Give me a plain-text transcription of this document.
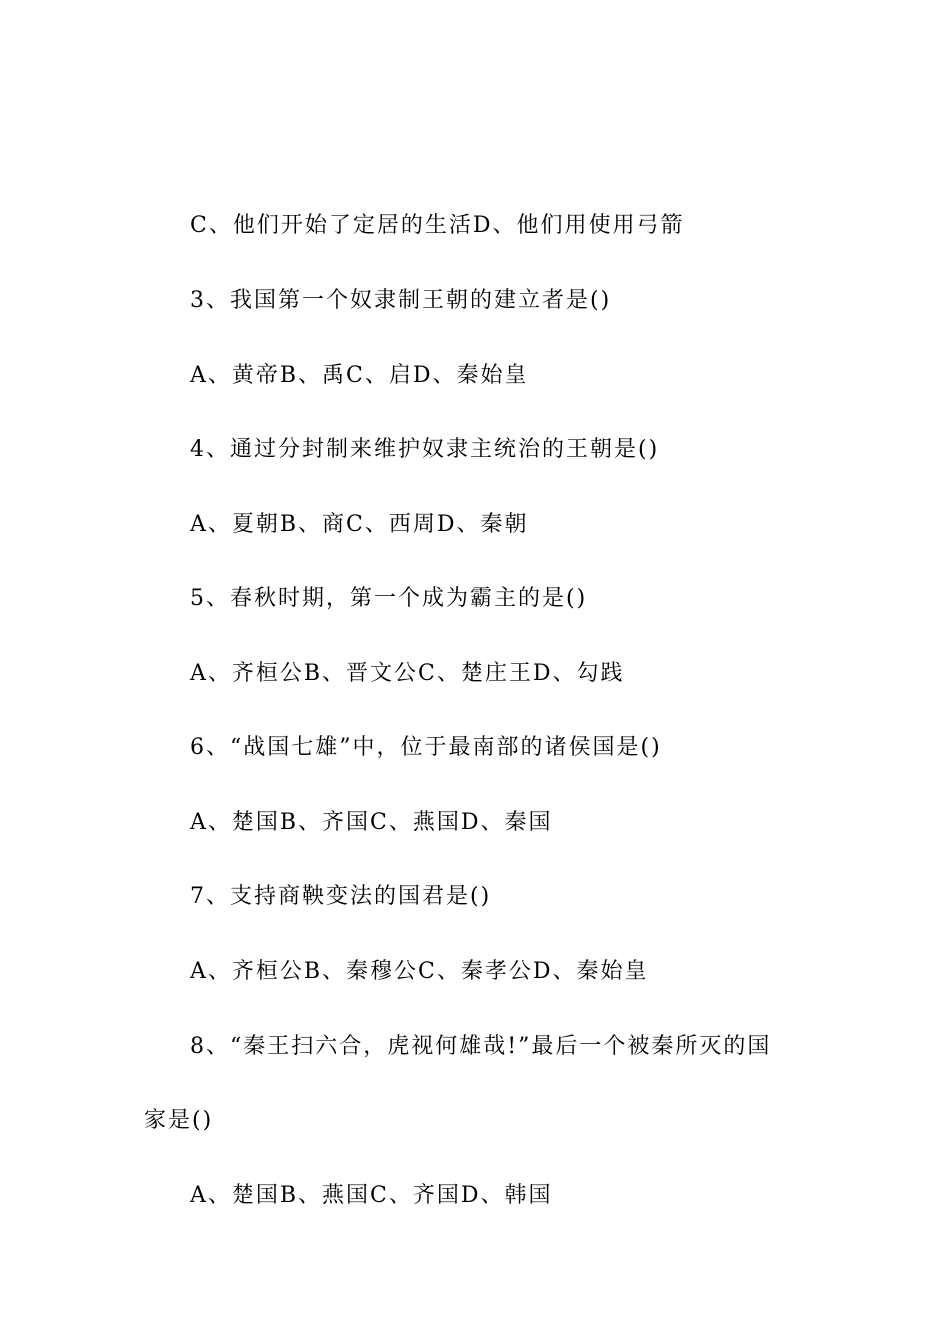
C、他们开始了定居的生活D、他们用使用弓箭
3、我国第一个奴隶制王朝的建立者是()
A、黄帝B、禹C、启D、秦始皇
4、通过分封制来维护奴隶主统治的王朝是()
A、夏朝B、商C、西周D、秦朝
5、春秋时期，第一个成为霸主的是()
A、齐桓公B、晋文公C、楚庄王D、勾践
6、“战国七雄”中，位于最南部的诸侯国是()
A、楚国B、齐国C、燕国D、秦国
7、支持商鞅变法的国君是()
A、齐桓公B、秦穆公C、秦孝公D、秦始皇
8、“秦王扫六合，虎视何雄哉!”最后一个被秦所灭的国
家是()
A、楚国B、燕国C、齐国D、韩国
